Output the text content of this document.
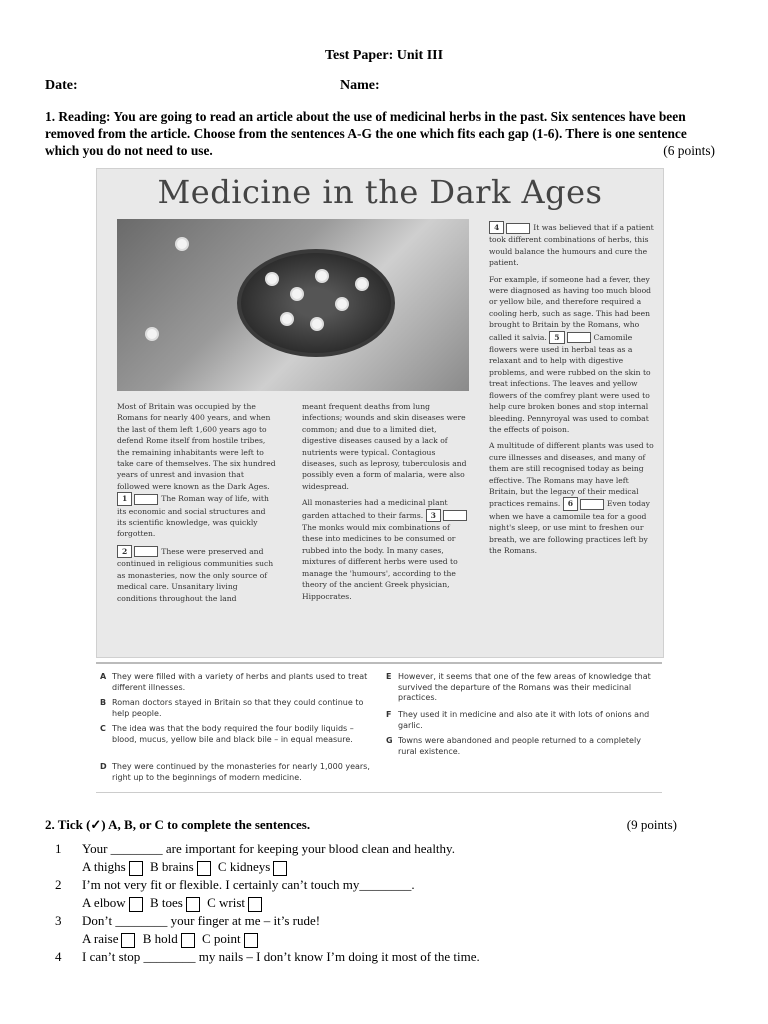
Test Paper: Unit III
Date:	Name:
1. Reading: You are going to read an article about the use of medicinal herbs in the past. Six sentences have been removed from the article. Choose from the sentences A-G the one which fits each gap (1-6). There is one sentence which you do not need to use.	(6 points)
Medicine in the Dark Ages

Most of Britain was occupied by the Romans for nearly 400 years, and when the last of them left 1,600 years ago to defend Rome itself from hostile tribes, the remaining inhabitants were left to take care of themselves. The six hundred years of unrest and invasion that followed were known as the Dark Ages. 1	The Roman way of life, with its economic and social structures and its scientific knowledge, was quickly forgotten.

2	These were preserved and continued in religious communities such as monasteries, now the only source of medical care. Unsanitary living conditions throughout the land

meant frequent deaths from lung infections; wounds and skin diseases were common; and due to a limited diet, digestive diseases caused by a lack of nutrients were typical. Contagious diseases, such as leprosy, tuberculosis and possibly even a form of malaria, were also widespread.

All monasteries had a medicinal plant garden attached to their farms. 3The monks would mix combinations of these into medicines to be consumed or rubbed into the body. In many cases, mixtures of different herbs were used to manage the 'humours', according to the theory of the ancient Greek physician, Hippocrates.

4	It was believed that if a patient took different combinations of herbs, this would balance the humours and cure the patient.

For example, if someone had a fever, they were diagnosed as having too much blood or yellow bile, and therefore required a cooling herb, such as sage. This had been brought to Britain by the Romans, who called it salvia. 5	Camomile flowers were used in herbal teas as a relaxant and to help with digestive problems, and were rubbed on the skin to treat infections. The leaves and yellow flowers of the comfrey plant were used to help cure broken bones and stop internal bleeding. Pennyroyal was used to combat the effects of poison.

A multitude of different plants was used to cure illnesses and diseases, and many of them are still recognised today as being effective. The Romans may have left Britain, but the legacy of their medical practices remains. 6	Even today when we have a camomile tea for a good night's sleep, or use mint to freshen our breath, we are following practices left by the Romans.

A They were filled with a variety of herbs and plants used to treat different illnesses.
B Roman doctors stayed in Britain so that they could continue to help people.
C The idea was that the body required the four bodily liquids – blood, mucus, yellow bile and black bile – in equal measure.
D They were continued by the monasteries for nearly 1,000 years, right up to the beginnings of modern medicine.
E However, it seems that one of the few areas of knowledge that survived the departure of the Romans was their medicinal practices.
F They used it in medicine and also ate it with lots of onions and garlic.
G Towns were abandoned and people returned to a completely rural existence.
2. Tick (✓) A, B, or C to complete the sentences.	(9 points)
1 Your ________ are important for keeping your blood clean and healthy.
A thighs B brains C kidneys
2 I’m not very fit or flexible. I certainly can’t touch my________.
A elbow B toes C wrist
3 Don’t ________ your finger at me – it’s rude!
A raise B hold C point
4 I can’t stop ________ my nails – I don’t know I’m doing it most of the time.
